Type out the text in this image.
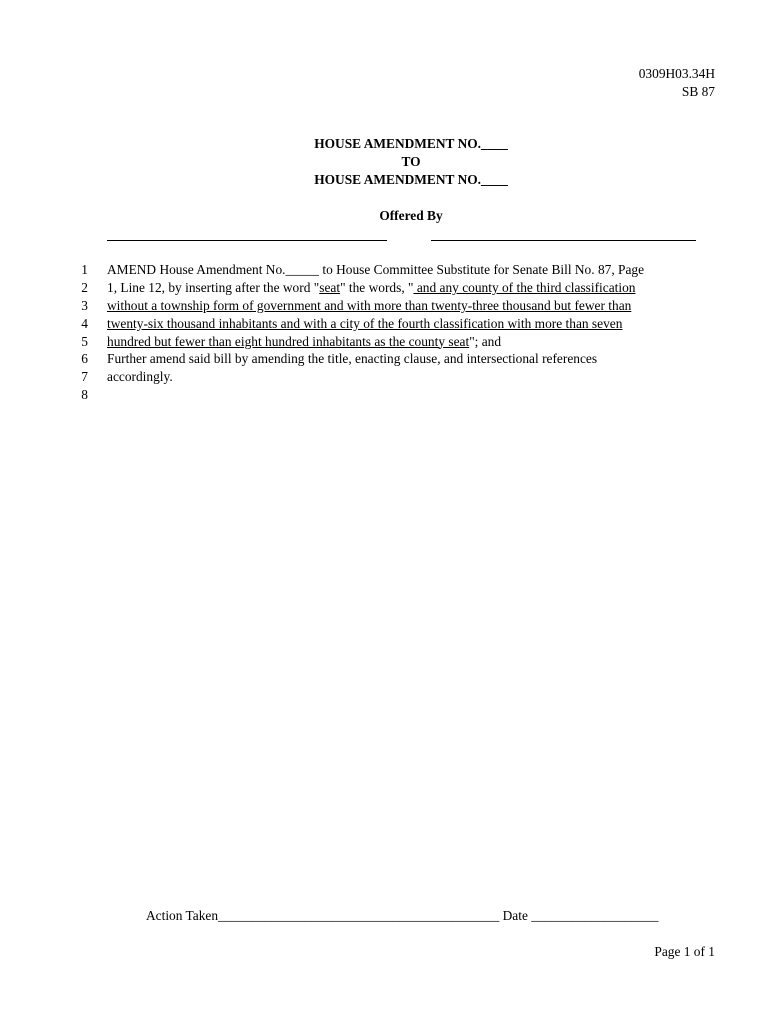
0309H03.34H
SB 87
HOUSE AMENDMENT NO.____
TO
HOUSE AMENDMENT NO.____
Offered By
1
2
3
4
5
6
7
8
AMEND House Amendment No._____ to House Committee Substitute for Senate Bill No. 87, Page
1, Line 12, by inserting after the word "seat" the words, " and any county of the third classification
without a township form of government and with more than twenty-three thousand but fewer than
twenty-six thousand inhabitants and with a city of the fourth classification with more than seven
hundred but fewer than eight hundred inhabitants as the county seat"; and
Further amend said bill by amending the title, enacting clause, and intersectional references
accordingly.
Action Taken__________________________________________ Date ___________________
Page 1 of 1
